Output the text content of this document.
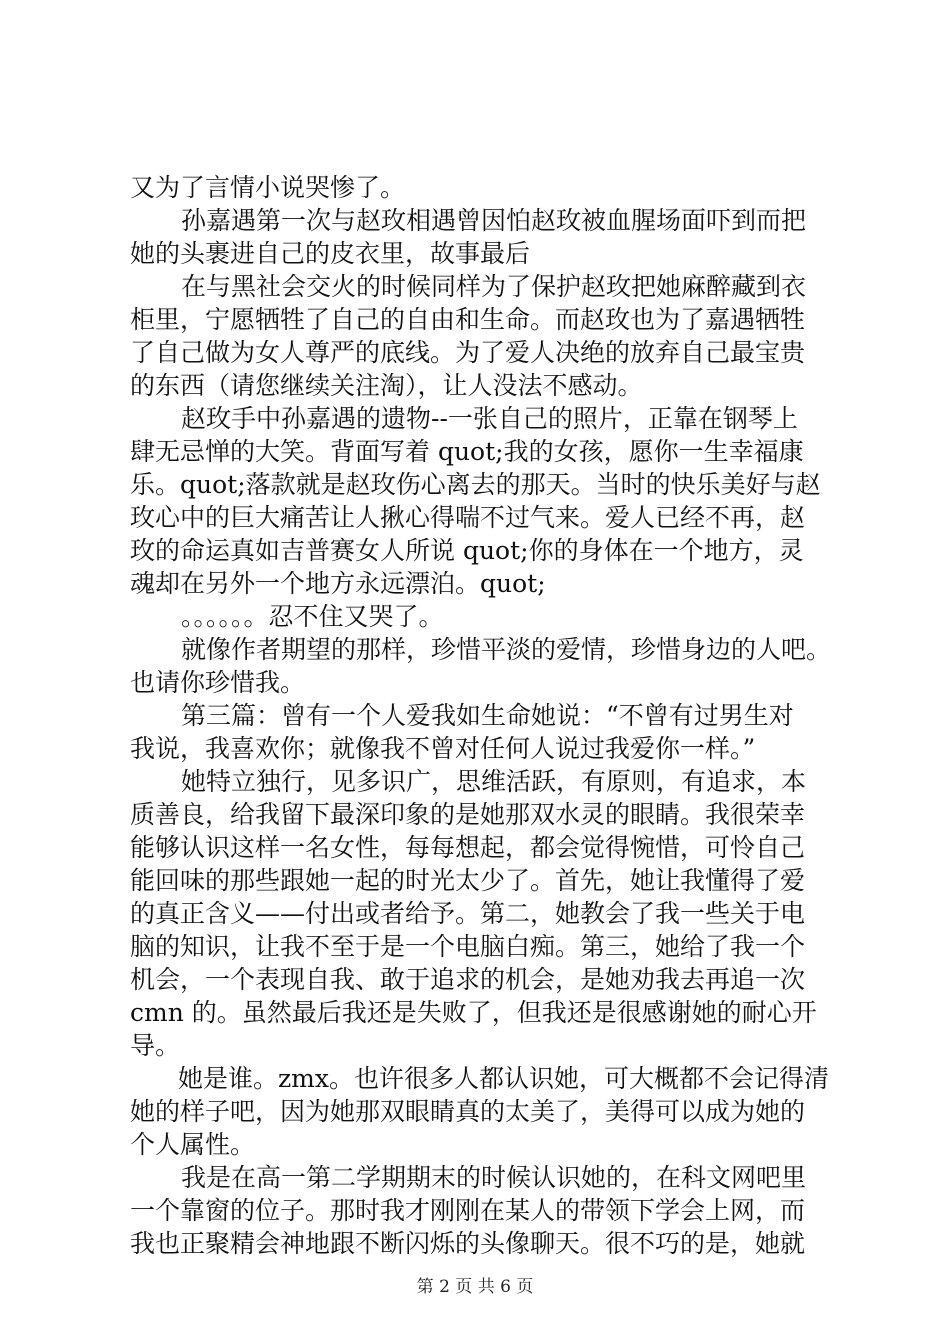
又为了言情小说哭惨了。
孙嘉遇第一次与赵玫相遇曾因怕赵玫被血腥场面吓到而把
她的头裹进自己的皮衣里，故事最后
在与黑社会交火的时候同样为了保护赵玫把她麻醉藏到衣
柜里，宁愿牺牲了自己的自由和生命。而赵玫也为了嘉遇牺牲
了自己做为女人尊严的底线。为了爱人决绝的放弃自己最宝贵
的东西（请您继续关注淘），让人没法不感动。
赵玫手中孙嘉遇的遗物--一张自己的照片，正靠在钢琴上
肆无忌惮的大笑。背面写着 quot;我的女孩，愿你一生幸福康
乐。quot;落款就是赵玫伤心离去的那天。当时的快乐美好与赵
玫心中的巨大痛苦让人揪心得喘不过气来。爱人已经不再，赵
玫的命运真如吉普赛女人所说 quot;你的身体在一个地方，灵
魂却在另外一个地方永远漂泊。quot;
。。。。。。忍不住又哭了。
就像作者期望的那样，珍惜平淡的爱情，珍惜身边的人吧。
也请你珍惜我。
第三篇：曾有一个人爱我如生命她说：“不曾有过男生对
我说，我喜欢你；就像我不曾对任何人说过我爱你一样。”
她特立独行，见多识广，思维活跃，有原则，有追求，本
质善良，给我留下最深印象的是她那双水灵的眼睛。我很荣幸
能够认识这样一名女性，每每想起，都会觉得惋惜，可怜自己
能回味的那些跟她一起的时光太少了。首先，她让我懂得了爱
的真正含义——付出或者给予。第二，她教会了我一些关于电
脑的知识，让我不至于是一个电脑白痴。第三，她给了我一个
机会，一个表现自我、敢于追求的机会，是她劝我去再追一次
cmn 的。虽然最后我还是失败了，但我还是很感谢她的耐心开
导。
她是谁。zmx。也许很多人都认识她，可大概都不会记得清
她的样子吧，因为她那双眼睛真的太美了，美得可以成为她的
个人属性。
我是在高一第二学期期末的时候认识她的，在科文网吧里
一个靠窗的位子。那时我才刚刚在某人的带领下学会上网，而
我也正聚精会神地跟不断闪烁的头像聊天。很不巧的是，她就
第 2 页 共 6 页
